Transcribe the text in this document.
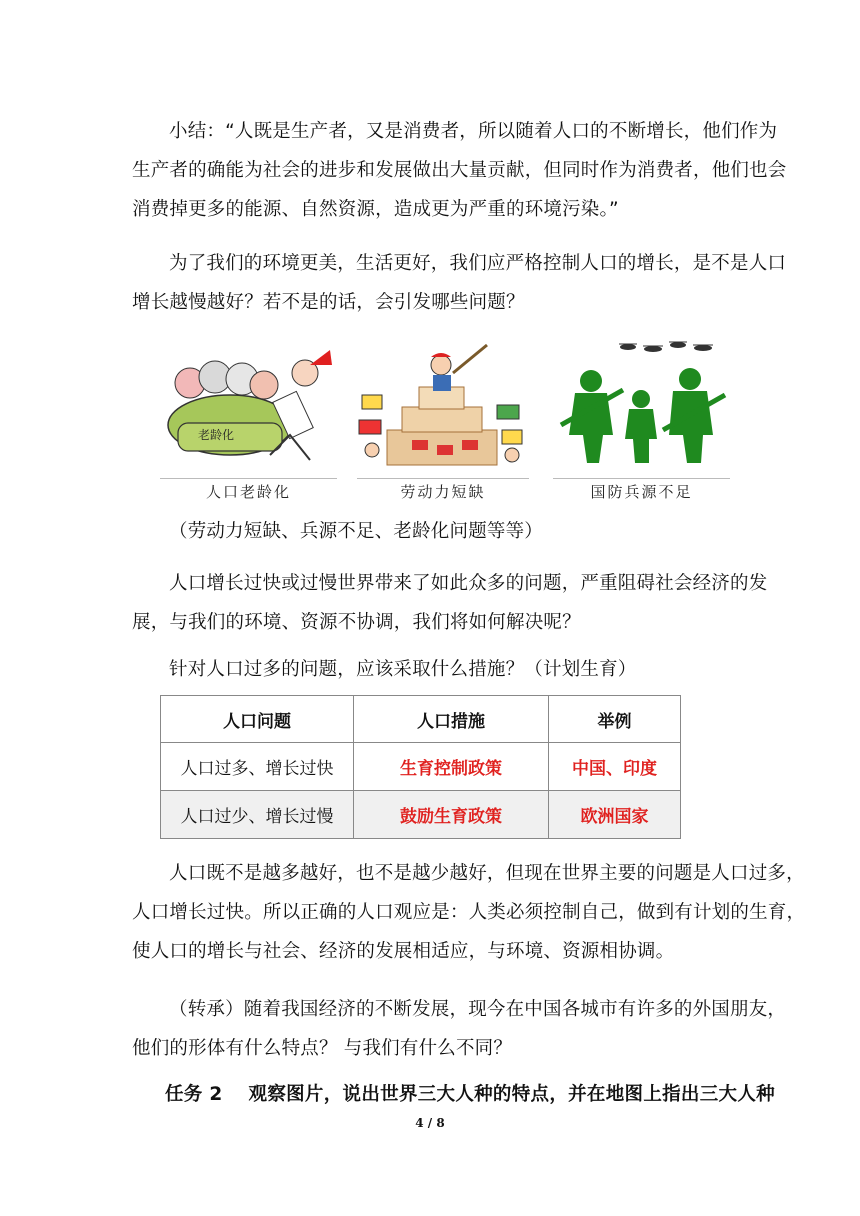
小结：“人既是生产者，又是消费者，所以随着人口的不断增长，他们作为
生产者的确能为社会的进步和发展做出大量贡献，但同时作为消费者，他们也会
消费掉更多的能源、自然资源，造成更为严重的环境污染。”

为了我们的环境更美，生活更好，我们应严格控制人口的增长，是不是人口
增长越慢越好？若不是的话，会引发哪些问题？

老龄化
人口老龄化	劳动力短缺	国防兵源不足

（劳动力短缺、兵源不足、老龄化问题等等）

人口增长过快或过慢世界带来了如此众多的问题，严重阻碍社会经济的发
展，与我们的环境、资源不协调，我们将如何解决呢？

针对人口过多的问题，应该采取什么措施？（计划生育）

人口问题	人口措施	举例
人口过多、增长过快	生育控制政策	中国、印度
人口过少、增长过慢	鼓励生育政策	欧洲国家

人口既不是越多越好，也不是越少越好，但现在世界主要的问题是人口过多，
人口增长过快。所以正确的人口观应是：人类必须控制自己，做到有计划的生育，
使人口的增长与社会、经济的发展相适应，与环境、资源相协调。

（转承）随着我国经济的不断发展，现今在中国各城市有许多的外国朋友，
他们的形体有什么特点？ 与我们有什么不同？

任务 2 观察图片，说出世界三大人种的特点，并在地图上指出三大人种

4 / 8
